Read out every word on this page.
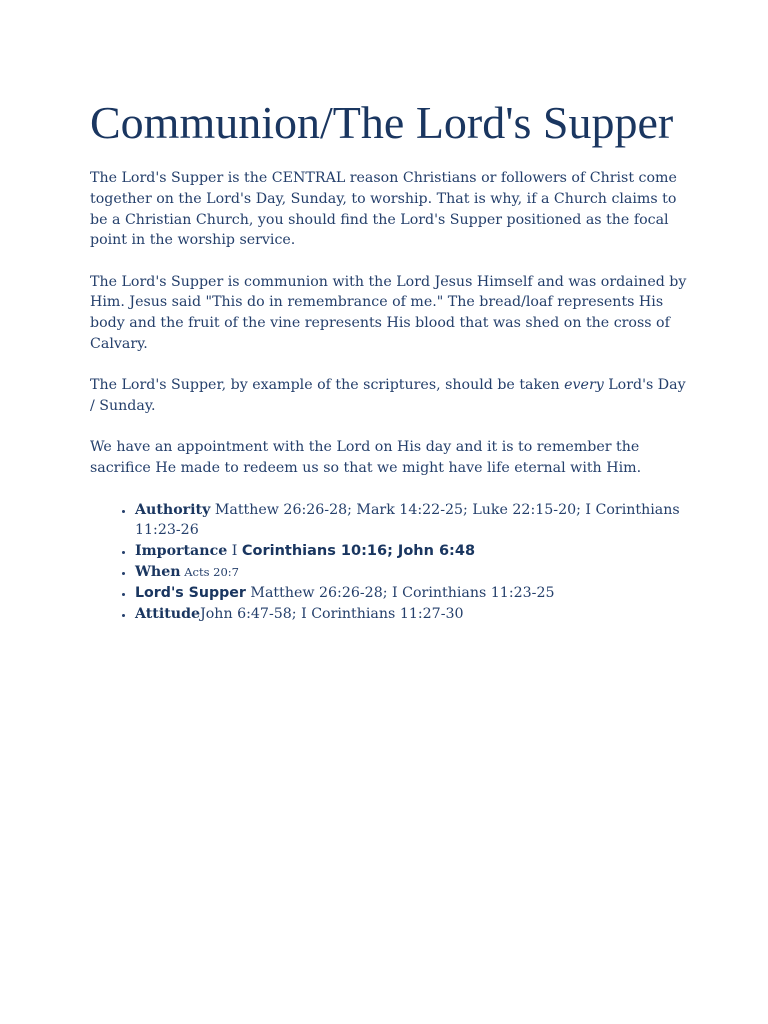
Communion/The Lord's Supper

The Lord's Supper is the CENTRAL reason Christians or followers of Christ come together on the Lord's Day, Sunday, to worship. That is why, if a Church claims to be a Christian Church, you should find the Lord's Supper positioned as the focal point in the worship service.

The Lord's Supper is communion with the Lord Jesus Himself and was ordained by Him. Jesus said "This do in remembrance of me." The bread/loaf represents His body and the fruit of the vine represents His blood that was shed on the cross of Calvary.

The Lord's Supper, by example of the scriptures, should be taken every Lord's Day / Sunday.

We have an appointment with the Lord on His day and it is to remember the sacrifice He made to redeem us so that we might have life eternal with Him.

• Authority Matthew 26:26-28; Mark 14:22-25; Luke 22:15-20; I Corinthians 11:23-26
• Importance I Corinthians 10:16; John 6:48
• When Acts 20:7
• Lord's Supper Matthew 26:26-28; I Corinthians 11:23-25
• AttitudeJohn 6:47-58; I Corinthians 11:27-30
